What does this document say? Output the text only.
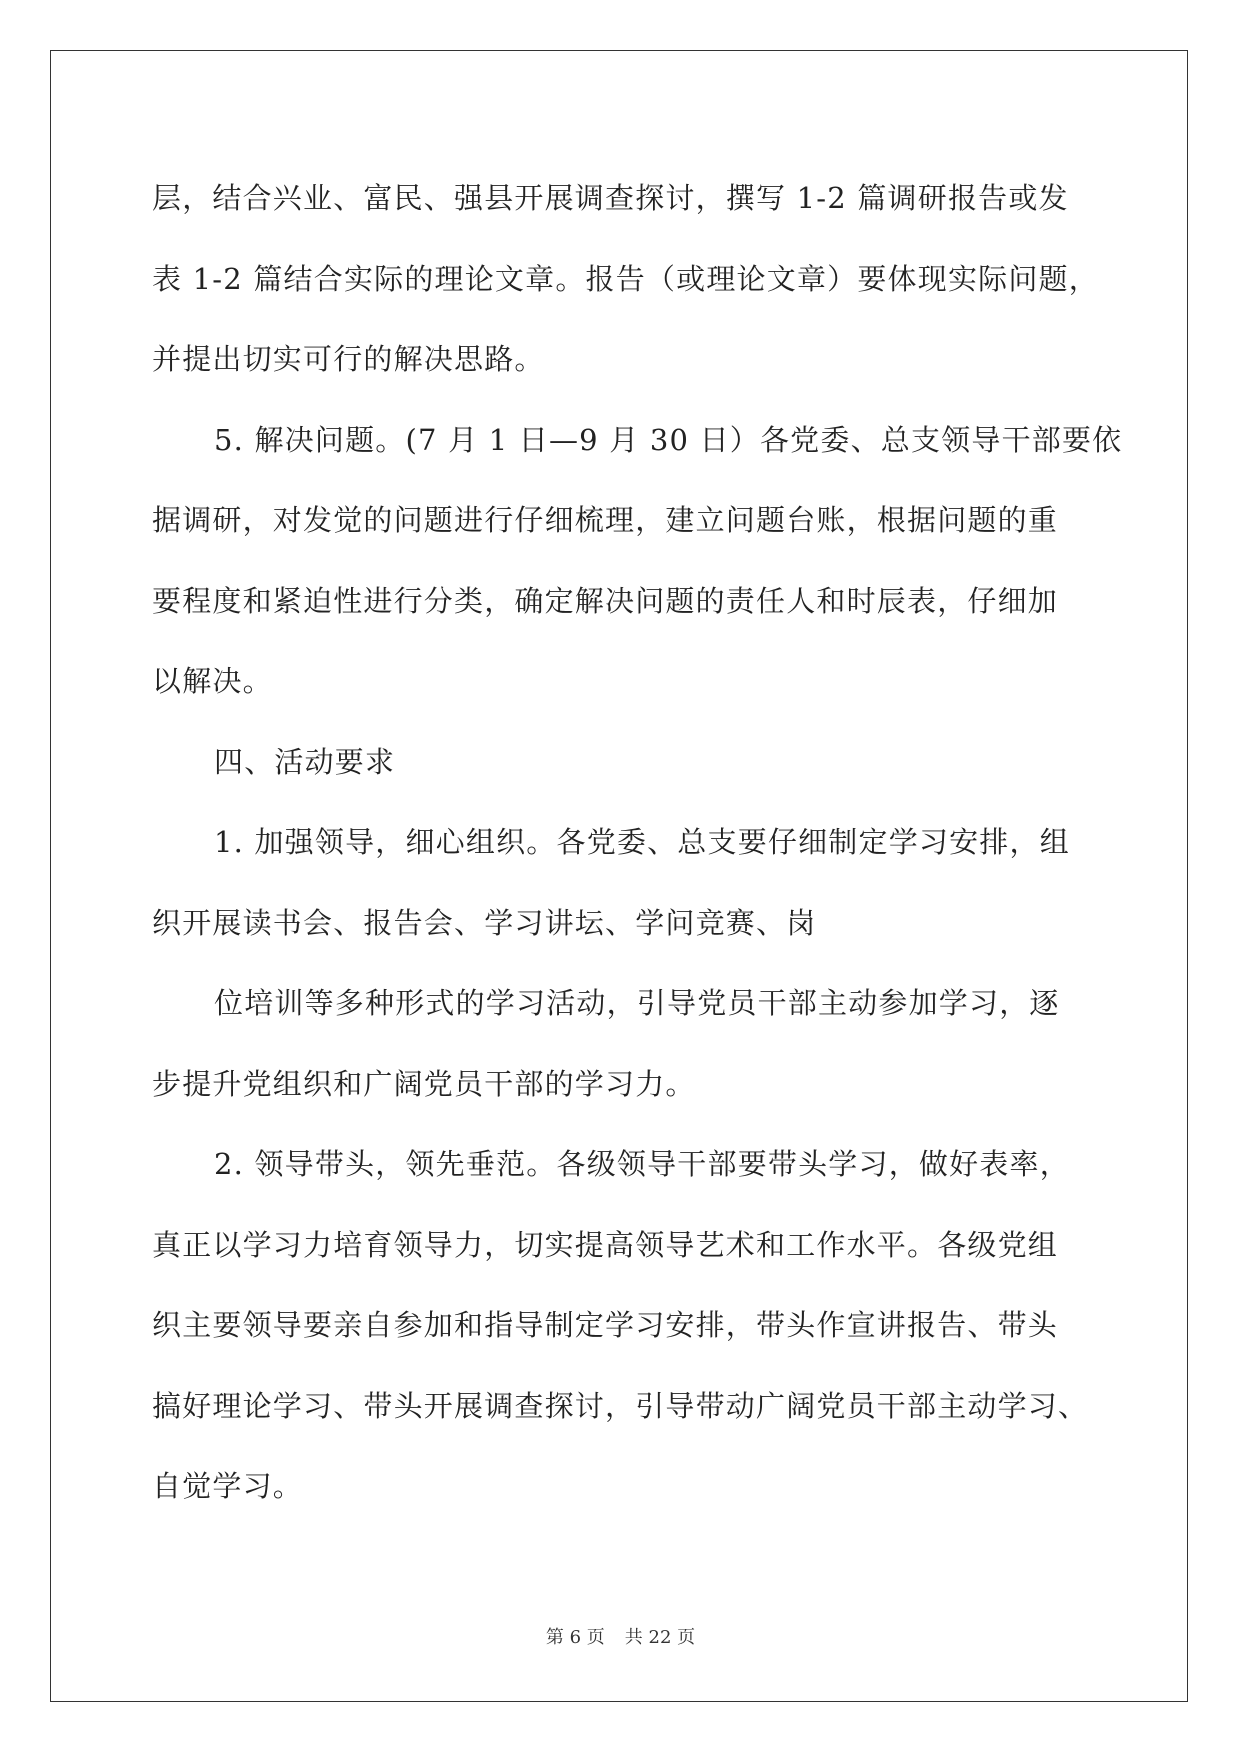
层，结合兴业、富民、强县开展调查探讨，撰写 1-2 篇调研报告或发
表 1-2 篇结合实际的理论文章。报告（或理论文章）要体现实际问题，
并提出切实可行的解决思路。
5. 解决问题。(7 月 1 日—9 月 30 日）各党委、总支领导干部要依
据调研，对发觉的问题进行仔细梳理，建立问题台账，根据问题的重
要程度和紧迫性进行分类，确定解决问题的责任人和时辰表，仔细加
以解决。
四、活动要求
1. 加强领导，细心组织。各党委、总支要仔细制定学习安排，组
织开展读书会、报告会、学习讲坛、学问竞赛、岗
位培训等多种形式的学习活动，引导党员干部主动参加学习，逐
步提升党组织和广阔党员干部的学习力。
2. 领导带头，领先垂范。各级领导干部要带头学习，做好表率，
真正以学习力培育领导力，切实提高领导艺术和工作水平。各级党组
织主要领导要亲自参加和指导制定学习安排，带头作宣讲报告、带头
搞好理论学习、带头开展调查探讨，引导带动广阔党员干部主动学习、
自觉学习。
第 6 页 共 22 页
